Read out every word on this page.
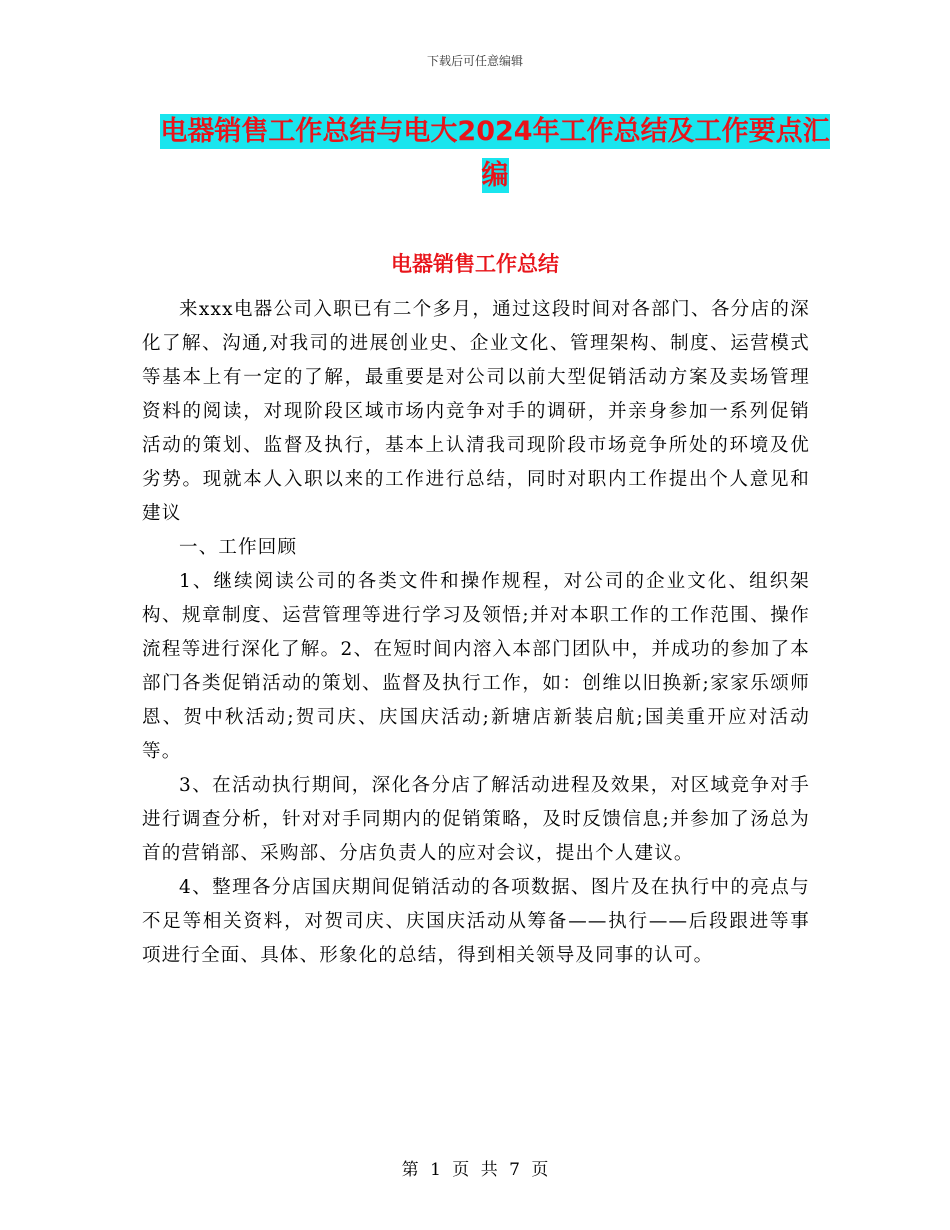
下载后可任意编辑
电器销售工作总结与电大2024年工作总结及工作要点汇编
电器销售工作总结

来xxx电器公司入职已有二个多月，通过这段时间对各部门、各分店的深化了解、沟通,对我司的进展创业史、企业文化、管理架构、制度、运营模式等基本上有一定的了解，最重要是对公司以前大型促销活动方案及卖场管理资料的阅读，对现阶段区域市场内竞争对手的调研，并亲身参加一系列促销活动的策划、监督及执行，基本上认清我司现阶段市场竞争所处的环境及优劣势。现就本人入职以来的工作进行总结，同时对职内工作提出个人意见和建议

一、工作回顾

1、继续阅读公司的各类文件和操作规程，对公司的企业文化、组织架构、规章制度、运营管理等进行学习及领悟;并对本职工作的工作范围、操作流程等进行深化了解。2、在短时间内溶入本部门团队中，并成功的参加了本部门各类促销活动的策划、监督及执行工作，如：创维以旧换新;家家乐颂师恩、贺中秋活动;贺司庆、庆国庆活动;新塘店新装启航;国美重开应对活动等。

3、在活动执行期间，深化各分店了解活动进程及效果，对区域竞争对手进行调查分析，针对对手同期内的促销策略，及时反馈信息;并参加了汤总为首的营销部、采购部、分店负责人的应对会议，提出个人建议。

4、整理各分店国庆期间促销活动的各项数据、图片及在执行中的亮点与不足等相关资料，对贺司庆、庆国庆活动从筹备——执行——后段跟进等事项进行全面、具体、形象化的总结，得到相关领导及同事的认可。

第 1 页 共 7 页
